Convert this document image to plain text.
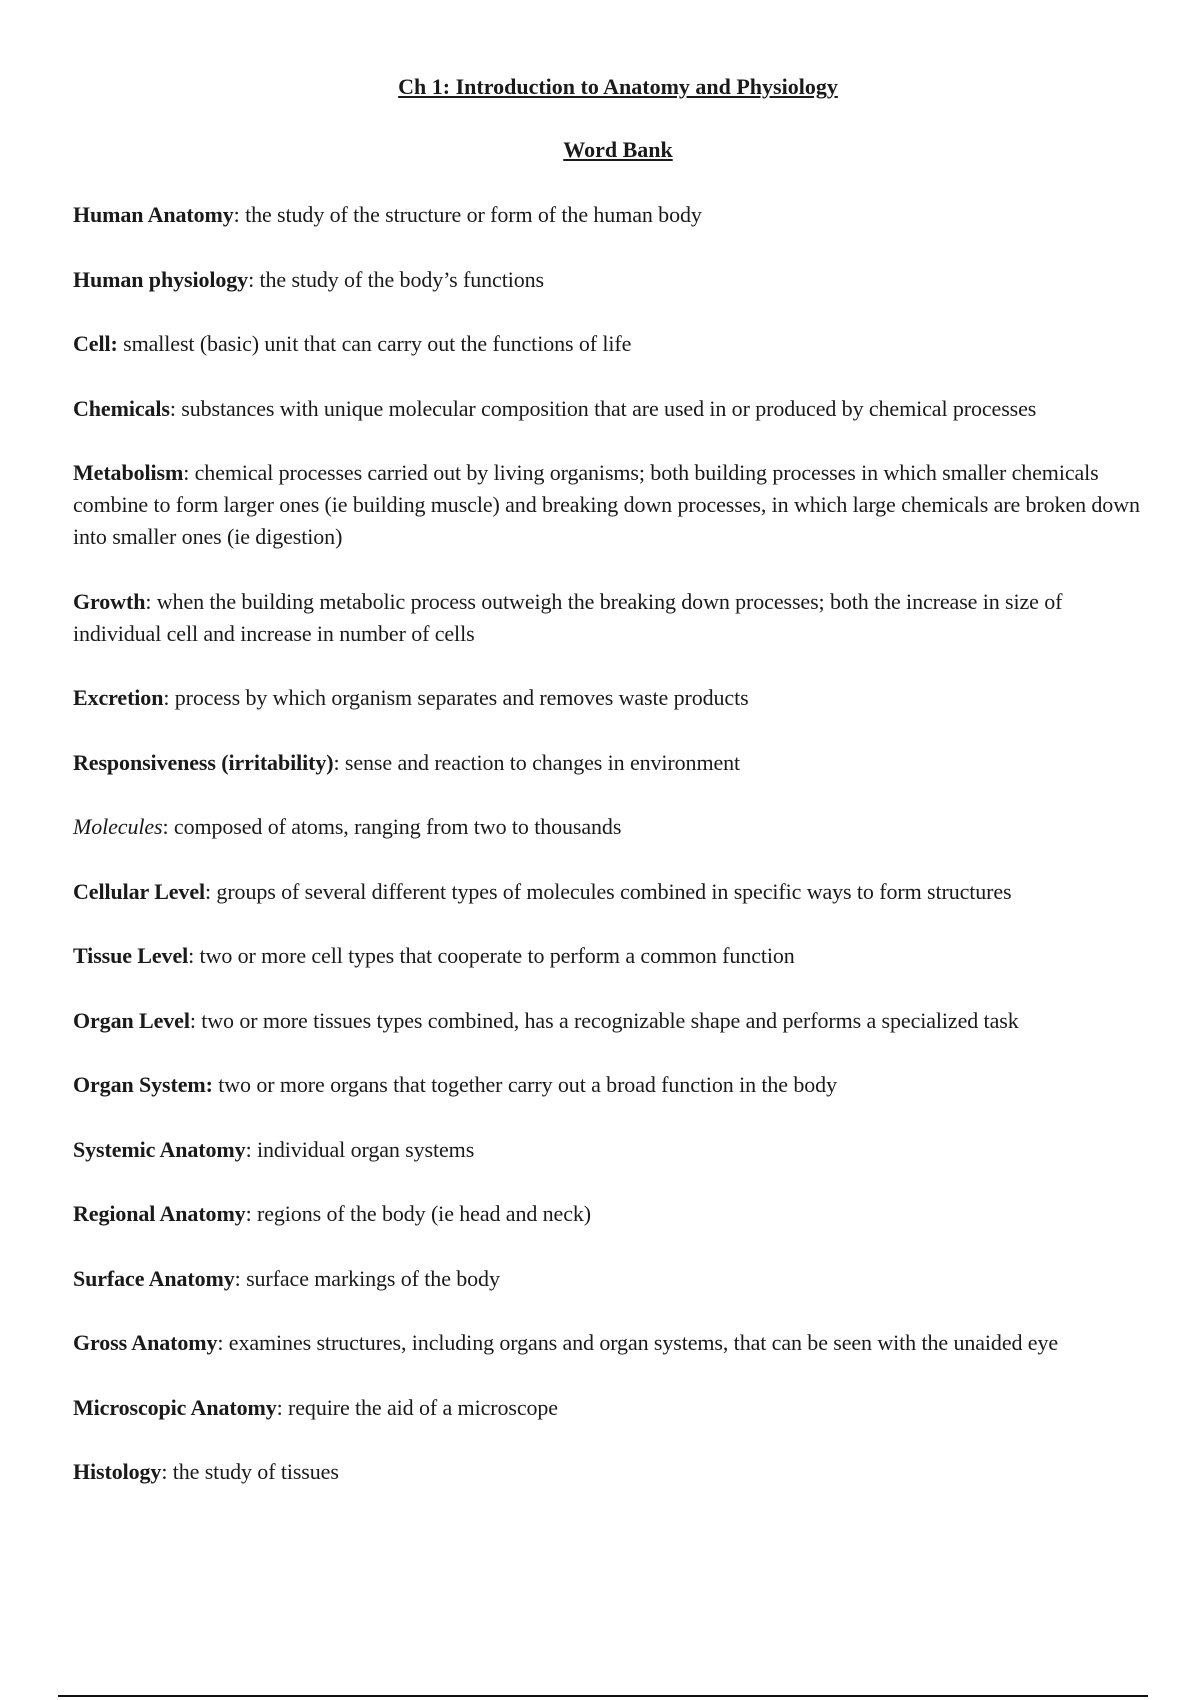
Ch 1: Introduction to Anatomy and Physiology
Word Bank

Human Anatomy: the study of the structure or form of the human body

Human physiology: the study of the body’s functions

Cell: smallest (basic) unit that can carry out the functions of life

Chemicals: substances with unique molecular composition that are used in or produced by chemical processes

Metabolism: chemical processes carried out by living organisms; both building processes in which smaller chemicals combine to form larger ones (ie building muscle) and breaking down processes, in which large chemicals are broken down into smaller ones (ie digestion)

Growth: when the building metabolic process outweigh the breaking down processes; both the increase in size of individual cell and increase in number of cells

Excretion: process by which organism separates and removes waste products

Responsiveness (irritability): sense and reaction to changes in environment

Molecules: composed of atoms, ranging from two to thousands

Cellular Level: groups of several different types of molecules combined in specific ways to form structures

Tissue Level: two or more cell types that cooperate to perform a common function

Organ Level: two or more tissues types combined, has a recognizable shape and performs a specialized task

Organ System: two or more organs that together carry out a broad function in the body

Systemic Anatomy: individual organ systems

Regional Anatomy: regions of the body (ie head and neck)

Surface Anatomy: surface markings of the body

Gross Anatomy: examines structures, including organs and organ systems, that can be seen with the unaided eye

Microscopic Anatomy: require the aid of a microscope

Histology: the study of tissues
